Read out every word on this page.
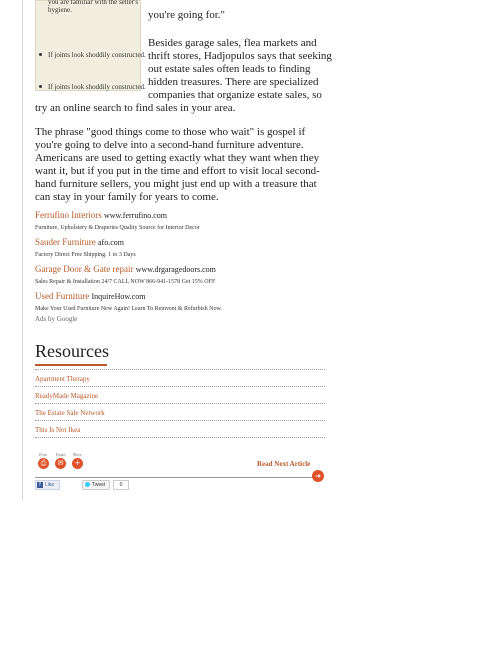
you are familiar with the seller's hygiene.
If joints look shoddily constructed.
If joints look shoddily constructed.
you're going for."
Besides garage sales, flea markets and thrift stores, Hadjopulos says that seeking out estate sales often leads to finding hidden treasures. There are specialized companies that organize estate sales, so
try an online search to find sales in your area.
The phrase "good things come to those who wait" is gospel if you're going to delve into a second-hand furniture adventure. Americans are used to getting exactly what they want when they want it, but if you put in the time and effort to visit local second-hand furniture sellers, you might just end up with a treasure that can stay in your family for years to come.
Ferrufino Interiors www.ferrufino.com
Furniture, Upholstery & Draperies Quality Source for Interior Decor
Sauder Furniture afo.com
Factory Direct Free Shipping. 1 to 3 Days
Garage Door & Gate repair www.drgaragedoors.com
Sales Repair & Installation 24/7 CALL NOW 866-941-1578 Get 15% OFF
Used Furniture InquireHow.com
Make Your Used Furniture New Again! Learn To Reinvent & Refurbish Now.
Ads by Google
Resources
Apartment Therapy
ReadyMade Magazine
The Estate Sale Network
This Is Not Ikea
Print Email More
⎙	✉	+	Read Next Article
➜
f Like	Tweet	0
